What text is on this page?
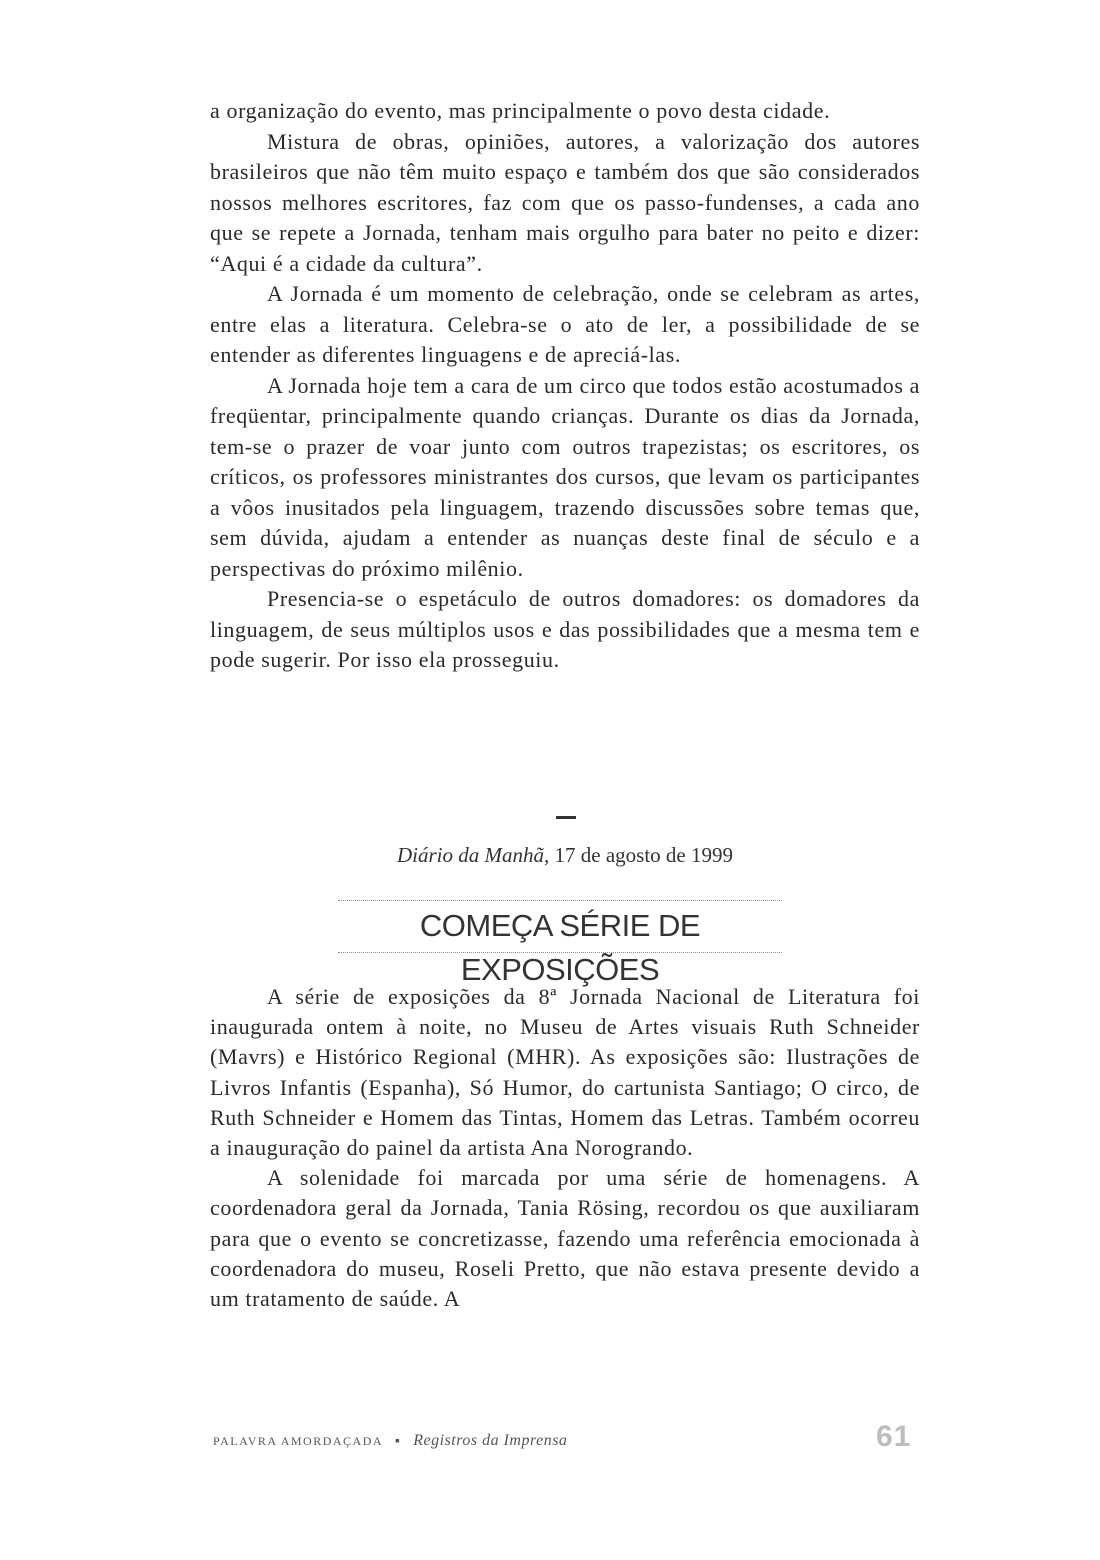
a organização do evento, mas principalmente o povo desta cidade.

Mistura de obras, opiniões, autores, a valorização dos autores brasileiros que não têm muito espaço e também dos que são considerados nossos melhores escritores, faz com que os passo-fundenses, a cada ano que se repete a Jornada, tenham mais orgulho para bater no peito e dizer: “Aqui é a cidade da cultura”.

A Jornada é um momento de celebração, onde se celebram as artes, entre elas a literatura. Celebra-se o ato de ler, a possibilidade de se entender as diferentes linguagens e de apreciá-las.

A Jornada hoje tem a cara de um circo que todos estão acostumados a freqüentar, principalmente quando crianças. Durante os dias da Jornada, tem-se o prazer de voar junto com outros trapezistas; os escritores, os críticos, os professores ministrantes dos cursos, que levam os participantes a vôos inusitados pela linguagem, trazendo discussões sobre temas que, sem dúvida, ajudam a entender as nuanças deste final de século e a perspectivas do próximo milênio.

Presencia-se o espetáculo de outros domadores: os domadores da linguagem, de seus múltiplos usos e das possibilidades que a mesma tem e pode sugerir. Por isso ela prosseguiu.

Diário da Manhã, 17 de agosto de 1999
COMEÇA SÉRIE DE EXPOSIÇÕES

A série de exposições da 8ª Jornada Nacional de Literatura foi inaugurada ontem à noite, no Museu de Artes visuais Ruth Schneider (Mavrs) e Histórico Regional (MHR). As exposições são: Ilustrações de Livros Infantis (Espanha), Só Humor, do cartunista Santiago; O circo, de Ruth Schneider e Homem das Tintas, Homem das Letras. Também ocorreu a inauguração do painel da artista Ana Norogrando.

A solenidade foi marcada por uma série de homenagens. A coordenadora geral da Jornada, Tania Rösing, recordou os que auxiliaram para que o evento se concretizasse, fazendo uma referência emocionada à coordenadora do museu, Roseli Pretto, que não estava presente devido a um tratamento de saúde. A

PALAVRA AMORDAÇADA ▪ Registros da Imprensa	61
